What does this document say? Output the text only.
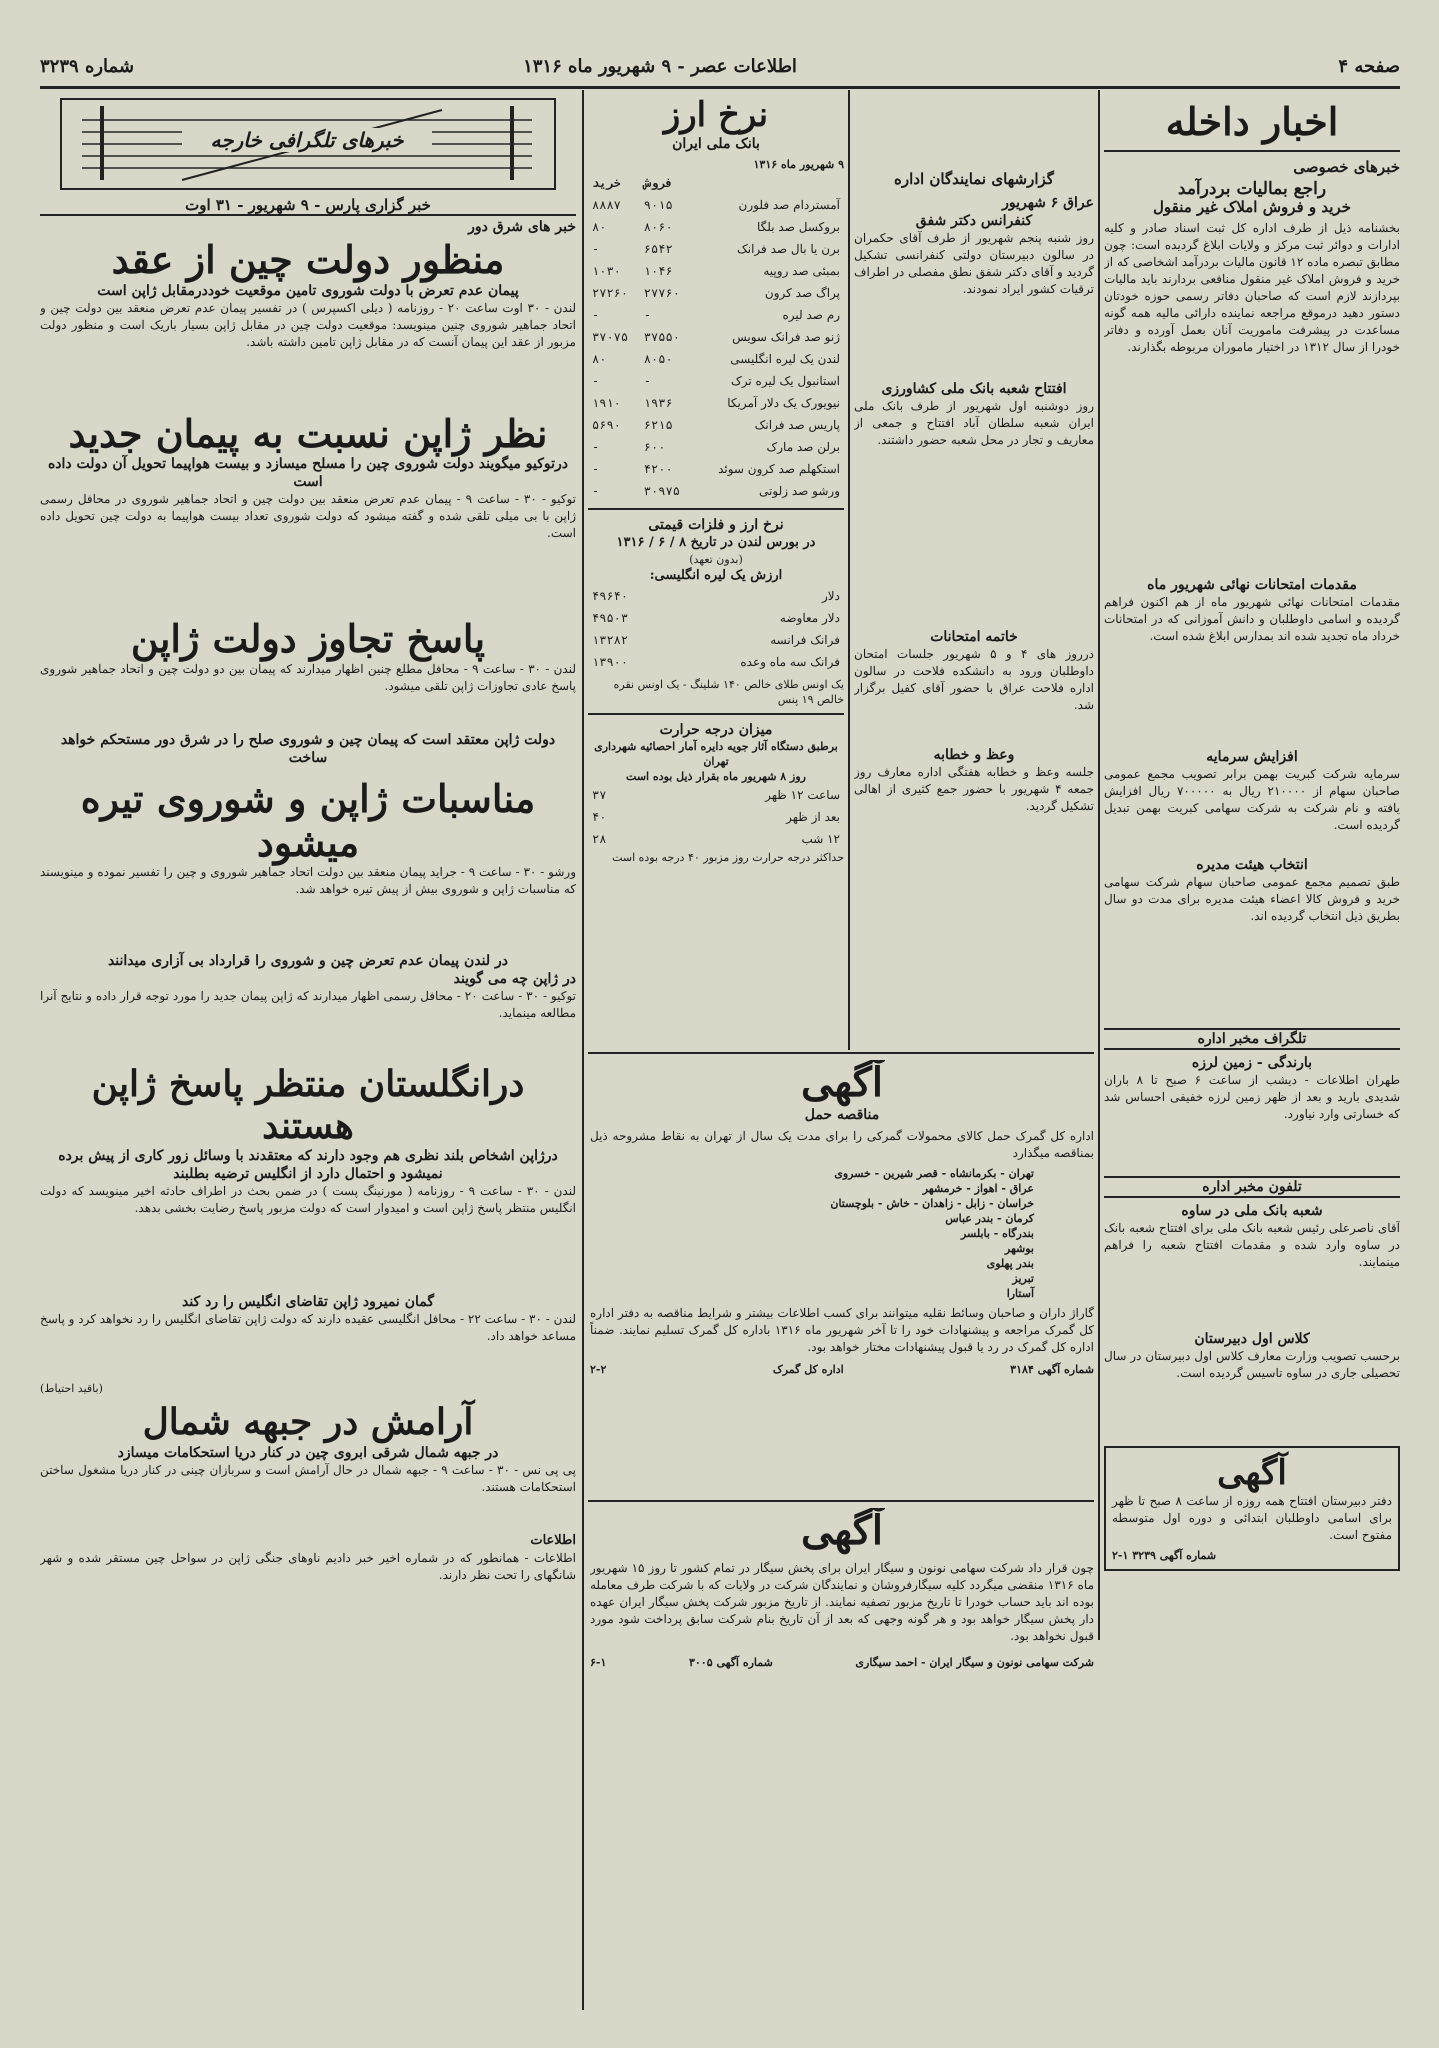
صفحه ۴
اطلاعات عصر - ۹ شهریور ماه ۱۳۱۶
شماره ۳۲۳۹
اخبار داخله
خبرهای خصوصی
راجع بمالیات بردرآمد
خرید و فروش املاک غیر منقول
بخشنامه ذیل از طرف اداره کل ثبت اسناد صادر و کلیه ادارات و دوائر ثبت مرکز و ولایات ابلاغ گردیده است: چون مطابق تبصره ماده ۱۲ قانون مالیات بردرآمد اشخاصی که از خرید و فروش املاک غیر منقول منافعی بردارند باید مالیات بپردازند لازم است که صاحبان دفاتر رسمی حوزه خودتان دستور دهید درموقع مراجعه نماینده دارائی مالیه همه گونه مساعدت در پیشرفت ماموریت آنان بعمل آورده و دفاتر خودرا از سال ۱۳۱۲ در اختیار ماموران مربوطه بگذارند.
مقدمات امتحانات نهائی شهریور ماه
مقدمات امتحانات نهائی شهریور ماه از هم اکنون فراهم گردیده و اسامی داوطلبان و دانش آموزانی که در امتحانات خرداد ماه تجدید شده اند بمدارس ابلاغ شده است.
افزایش سرمایه
سرمایه شرکت کبریت بهمن برابر تصویب مجمع عمومی صاحبان سهام از ۲۱۰۰۰۰ ریال به ۷۰۰۰۰۰ ریال افزایش یافته و نام شرکت به شرکت سهامی کبریت بهمن تبدیل گردیده است.
انتخاب هیئت مدیره
طبق تصمیم مجمع عمومی صاحبان سهام شرکت سهامی خرید و فروش کالا اعضاء هیئت مدیره برای مدت دو سال بطریق ذیل انتخاب گردیده اند.
تلگراف مخبر اداره
بارندگی - زمین لرزه
طهران اطلاعات - دیشب از ساعت ۶ صبح تا ۸ باران شدیدی بارید و بعد از ظهر زمین لرزه خفیفی احساس شد که خسارتی وارد نیاورد.
تلفون مخبر اداره
شعبه بانک ملی در ساوه
آقای ناصرعلی رئیس شعبه بانک ملی برای افتتاح شعبه بانک در ساوه وارد شده و مقدمات افتتاح شعبه را فراهم مینمایند.
کلاس اول دبیرستان
برحسب تصویب وزارت معارف کلاس اول دبیرستان در سال تحصیلی جاری در ساوه تاسیس گردیده است.
آگهی
دفتر دبیرستان افتتاح همه روزه از ساعت ۸ صبح تا ظهر برای اسامی داوطلبان ابتدائی و دوره اول متوسطه مفتوح است.
شماره آگهی ۳۲۳۹ ۱-۲
گزارشهای نمایندگان اداره
عراق ۶ شهریور
کنفرانس دکتر شفق
روز شنبه پنجم شهریور از طرف آقای حکمران در سالون دبیرستان دولتی کنفرانسی تشکیل گردید و آقای دکتر شفق نطق مفصلی در اطراف ترقیات کشور ایراد نمودند.
افتتاح شعبه بانک ملی کشاورزی
روز دوشنبه اول شهریور از طرف بانک ملی ایران شعبه سلطان آباد افتتاح و جمعی از معاریف و تجار در محل شعبه حضور داشتند.
خاتمه امتحانات
درروز های ۴ و ۵ شهریور جلسات امتحان داوطلبان ورود به دانشکده فلاحت در سالون اداره فلاحت عراق با حضور آقای کفیل برگزار شد.
وعظ و خطابه
جلسه وعظ و خطابه هفتگی اداره معارف روز جمعه ۴ شهریور با حضور جمع کثیری از اهالی تشکیل گردید.
نرخ ارز
بانک ملی ایران
۹ شهریور ماه ۱۳۱۶
	فروش	خرید
آمستردام صد فلورن	۹۰۱۵	۸۸۸۷
بروکسل صد بلگا	۸۰۶۰	۸۰
برن یا بال صد فرانک	۶۵۴۲	-
بمبئی صد روپیه	۱۰۴۶	۱۰۳۰
پراگ صد کرون	۲۷۷۶۰	۲۷۲۶۰
رم صد لیره	-	-
ژنو صد فرانک سویس	۳۷۵۵۰	۳۷۰۷۵
لندن یک لیره انگلیسی	۸۰۵۰	۸۰
استانبول یک لیره ترک	-	-
نیویورک یک دلار آمریکا	۱۹۳۶	۱۹۱۰
پاریس صد فرانک	۶۲۱۵	۵۶۹۰
برلن صد مارک	۶۰۰	-
استکهلم صد کرون سوئد	۴۲۰۰	-
ورشو صد زلوتی	۳۰۹۷۵	-
نرخ ارز و فلزات قیمتی
در بورس لندن در تاریخ ۸ / ۶ / ۱۳۱۶
(بدون تعهد)
ارزش یک لیره انگلیسی:
دلار	۴۹۶۴۰
دلار معاوضه	۴۹۵۰۳
فرانک فرانسه	۱۳۲۸۲
فرانک سه ماه وعده	۱۳۹۰۰
یک اونس طلای خالص ۱۴۰ شلینگ - یک اونس نقره خالص ۱۹ پنس
میزان درجه حرارت
برطبق دستگاه آثار جویه دایره آمار احصائیه شهرداری تهران
روز ۸ شهریور ماه بقرار ذیل بوده است
ساعت ۱۲ ظهر	۳۷
بعد از ظهر	۴۰
۱۲ شب	۲۸
حداکثر درجه حرارت روز مزبور ۴۰ درجه بوده است
آگهی
مناقصه حمل
اداره کل گمرک حمل کالای محمولات گمرکی را برای مدت یک سال از تهران به نقاط مشروحه ذیل بمناقصه میگذارد
تهران - بکرمانشاه - قصر شیرین - خسروی
عراق - اهواز - خرمشهر
خراسان - زابل - زاهدان - خاش - بلوچستان
کرمان - بندر عباس
بندرگاه - بابلسر
بوشهر
بندر پهلوی
تبریز
آستارا
گاراژ داران و صاحبان وسائط نقلیه میتوانند برای کسب اطلاعات بیشتر و شرایط مناقصه به دفتر اداره کل گمرک مراجعه و پیشنهادات خود را تا آخر شهریور ماه ۱۳۱۶ باداره کل گمرک تسلیم نمایند. ضمناً اداره کل گمرک در رد یا قبول پیشنهادات مختار خواهد بود.
شماره آگهی ۳۱۸۴
اداره کل گمرک
۲-۲
آگهی
چون قرار داد شرکت سهامی نونون و سیگار ایران برای پخش سیگار در تمام کشور تا روز ۱۵ شهریور ماه ۱۳۱۶ منقضی میگردد کلیه سیگارفروشان و نمایندگان شرکت در ولایات که با شرکت طرف معامله بوده اند باید حساب خودرا تا تاریخ مزبور تصفیه نمایند. از تاریخ مزبور شرکت پخش سیگار ایران عهده دار پخش سیگار خواهد بود و هر گونه وجهی که بعد از آن تاریخ بنام شرکت سابق پرداخت شود مورد قبول نخواهد بود.
شرکت سهامی نونون و سیگار ایران - احمد سیگاری
شماره آگهی ۳۰۰۵
۶-۱
خبرهای تلگرافی خارجه
خبر گزاری پارس - ۹ شهریور - ۳۱ اوت
خبر های شرق دور
منظور دولت چین از عقد
پیمان عدم تعرض با دولت شوروی تامین موقعیت خوددرمقابل ژاپن است
لندن - ۳۰ اوت ساعت ۲۰ - روزنامه ( دیلی اکسپرس ) در تفسیر پیمان عدم تعرض منعقد بین دولت چین و اتحاد جماهیر شوروی چنین مینویسد: موقعیت دولت چین در مقابل ژاپن بسیار باریک است و منظور دولت مزبور از عقد این پیمان آنست که در مقابل ژاپن تامین داشته باشد.
نظر ژاپن نسبت به پیمان جدید
درتوکیو میگویند دولت شوروی چین را مسلح میسازد و بیست هواپیما تحویل آن دولت داده است
توکیو - ۳۰ - ساعت ۹ - پیمان عدم تعرض منعقد بین دولت چین و اتحاد جماهیر شوروی در محافل رسمی ژاپن با بی میلی تلقی شده و گفته میشود که دولت شوروی تعداد بیست هواپیما به دولت چین تحویل داده است.
پاسخ تجاوز دولت ژاپن
لندن - ۳۰ - ساعت ۹ - محافل مطلع چنین اظهار میدارند که پیمان بین دو دولت چین و اتحاد جماهیر شوروی پاسخ عادی تجاوزات ژاپن تلقی میشود.
دولت ژاپن معتقد است که پیمان چین و شوروی صلح را در شرق دور مستحکم خواهد ساخت
مناسبات ژاپن و شوروی تیره میشود
ورشو - ۳۰ - ساعت ۹ - جراید پیمان منعقد بین دولت اتحاد جماهیر شوروی و چین را تفسیر نموده و مینویسند که مناسبات ژاپن و شوروی بیش از پیش تیره خواهد شد.
در لندن پیمان عدم تعرض چین و شوروی را قرارداد بی آزاری میدانند
در ژاپن چه می گویند
توکیو - ۳۰ - ساعت ۲۰ - محافل رسمی اظهار میدارند که ژاپن پیمان جدید را مورد توجه قرار داده و نتایج آنرا مطالعه مینماید.
درانگلستان منتظر پاسخ ژاپن هستند
درژاپن اشخاص بلند نظری هم وجود دارند که معتقدند با وسائل زور کاری از پیش برده نمیشود و احتمال دارد از انگلیس ترضیه بطلبند
لندن - ۳۰ - ساعت ۹ - روزنامه ( مورنینگ پست ) در ضمن بحث در اطراف حادثه اخیر مینویسد که دولت انگلیس منتظر پاسخ ژاپن است و امیدوار است که دولت مزبور پاسخ رضایت بخشی بدهد.
گمان نمیرود ژاپن تقاضای انگلیس را رد کند
لندن - ۳۰ - ساعت ۲۲ - محافل انگلیسی عقیده دارند که دولت ژاپن تقاضای انگلیس را رد نخواهد کرد و پاسخ مساعد خواهد داد.
(باقید احتیاط)
آرامش در جبهه شمال
در جبهه شمال شرقی ابروی چین در کنار دریا استحکامات میسازد
پی پی نس - ۳۰ - ساعت ۹ - جبهه شمال در حال آرامش است و سربازان چینی در کنار دریا مشغول ساختن استحکامات هستند.
اطلاعات
اطلاعات - همانطور که در شماره اخیر خبر دادیم ناوهای جنگی ژاپن در سواحل چین مستقر شده و شهر شانگهای را تحت نظر دارند.
